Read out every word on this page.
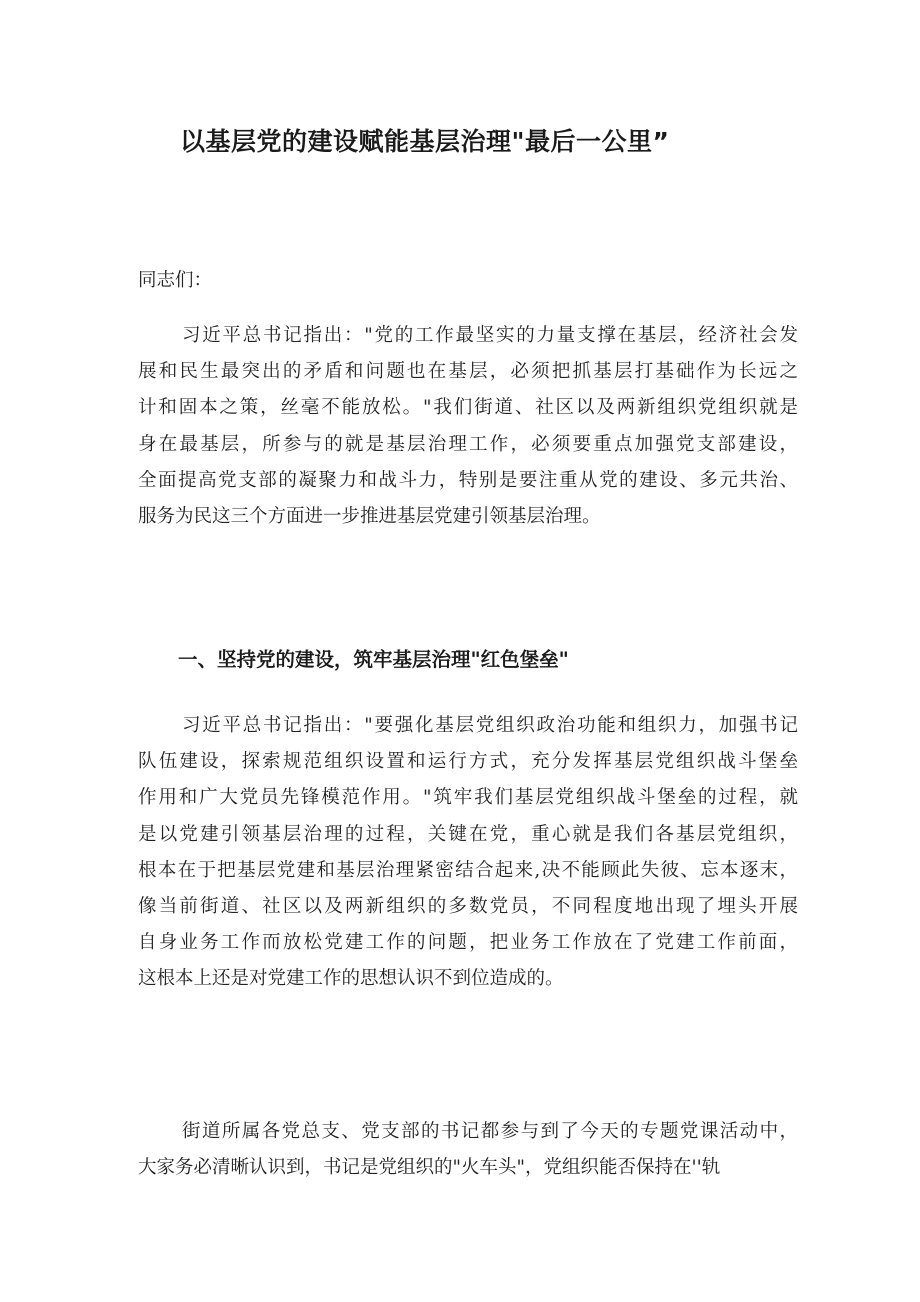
以基层党的建设赋能基层治理"最后一公里”
同志们：
习近平总书记指出："党的工作最坚实的力量支撑在基层，经济社会发
展和民生最突出的矛盾和问题也在基层，必须把抓基层打基础作为长远之
计和固本之策，丝毫不能放松。"我们街道、社区以及两新组织党组织就是
身在最基层，所参与的就是基层治理工作，必须要重点加强党支部建设，
全面提高党支部的凝聚力和战斗力，特别是要注重从党的建设、多元共治、
服务为民这三个方面进一步推进基层党建引领基层治理。
一、坚持党的建设，筑牢基层治理"红色堡垒"
习近平总书记指出："要强化基层党组织政治功能和组织力，加强书记
队伍建设，探索规范组织设置和运行方式，充分发挥基层党组织战斗堡垒
作用和广大党员先锋模范作用。"筑牢我们基层党组织战斗堡垒的过程，就
是以党建引领基层治理的过程，关键在党，重心就是我们各基层党组织，
根本在于把基层党建和基层治理紧密结合起来,决不能顾此失彼、忘本逐末，
像当前街道、社区以及两新组织的多数党员，不同程度地出现了埋头开展
自身业务工作而放松党建工作的问题，把业务工作放在了党建工作前面，
这根本上还是对党建工作的思想认识不到位造成的。
街道所属各党总支、党支部的书记都参与到了今天的专题党课活动中，
大家务必清晰认识到，书记是党组织的"火车头"，党组织能否保持在''轨
